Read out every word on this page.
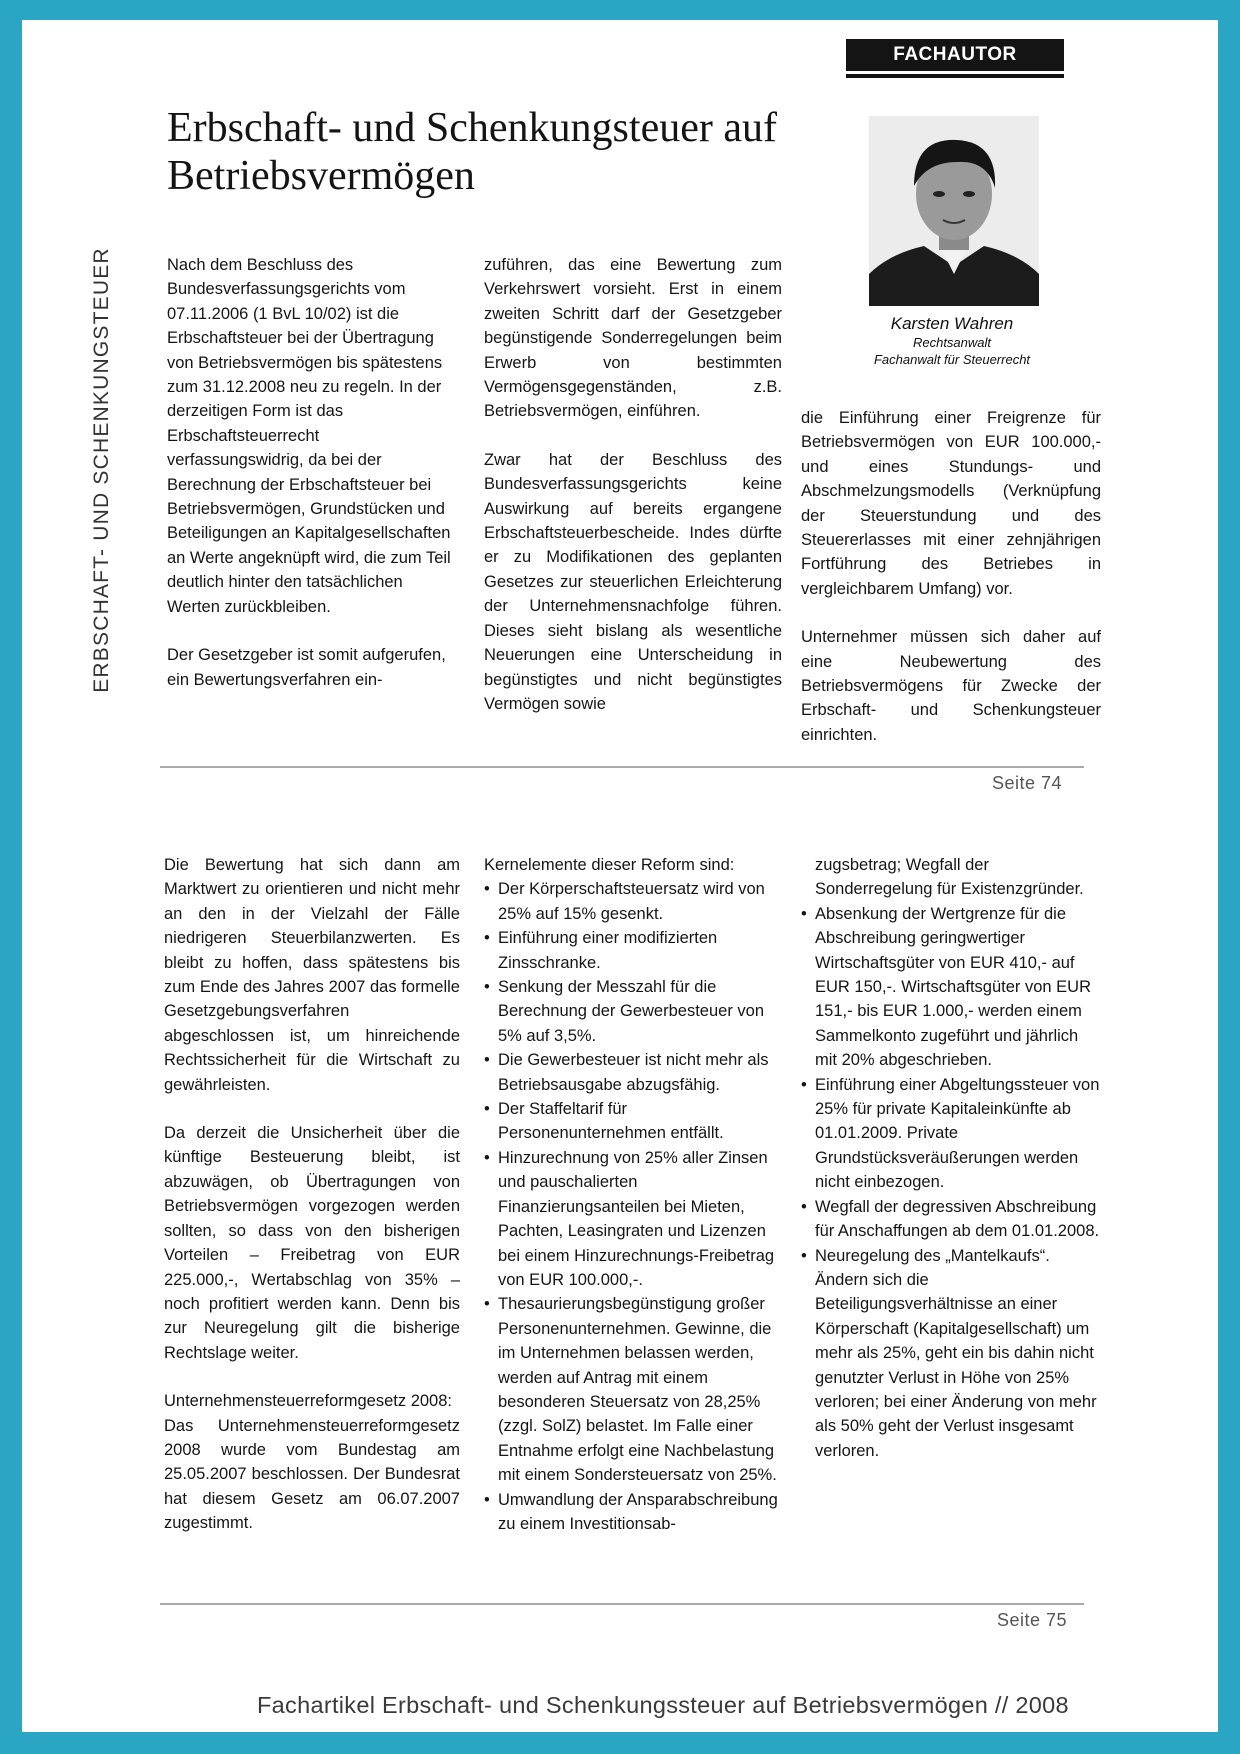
FACHAUTOR
Erbschaft- und Schenkungsteuer auf Betriebsvermögen
ERBSCHAFT- UND SCHENKUNGSTEUER	Karsten Wahren
Rechtsanwalt
Fachanwalt für Steuerrecht

Nach dem Beschluss des Bundesverfassungsgerichts vom 07.11.2006 (1 BvL 10/02) ist die Erbschaftsteuer bei der Übertragung von Betriebsvermögen bis spätestens zum 31.12.2008 neu zu regeln. In der derzeitigen Form ist das Erbschaftsteuerrecht verfassungswidrig, da bei der Berechnung der Erbschaftsteuer bei Betriebsvermögen, Grundstücken und Beteiligungen an Kapitalgesellschaften an Werte angeknüpft wird, die zum Teil deutlich hinter den tatsächlichen Werten zurückbleiben.

Der Gesetzgeber ist somit aufgerufen, ein Bewertungsverfahren ein-

zuführen, das eine Bewertung zum Verkehrswert vorsieht. Erst in einem zweiten Schritt darf der Gesetzgeber begünstigende Sonderregelungen beim Erwerb von bestimmten Vermögensgegenständen, z.B. Betriebsvermögen, einführen.

Zwar hat der Beschluss des Bundesverfassungsgerichts keine Auswirkung auf bereits ergangene Erbschaftsteuerbescheide. Indes dürfte er zu Modifikationen des geplanten Gesetzes zur steuerlichen Erleichterung der Unternehmensnachfolge führen. Dieses sieht bislang als wesentliche Neuerungen eine Unterscheidung in begünstigtes und nicht begünstigtes Vermögen sowie

die Einführung einer Freigrenze für Betriebsvermögen von EUR 100.000,- und eines Stundungs- und Abschmelzungsmodells (Verknüpfung der Steuerstundung und des Steuererlasses mit einer zehnjährigen Fortführung des Betriebes in vergleichbarem Umfang) vor.

Unternehmer müssen sich daher auf eine Neubewertung des Betriebsvermögens für Zwecke der Erbschaft- und Schenkungsteuer einrichten.

Seite 74

Die Bewertung hat sich dann am Marktwert zu orientieren und nicht mehr an den in der Vielzahl der Fälle niedrigeren Steuerbilanzwerten. Es bleibt zu hoffen, dass spätestens bis zum Ende des Jahres 2007 das formelle Gesetzgebungsverfahren abgeschlossen ist, um hinreichende Rechtssicherheit für die Wirtschaft zu gewährleisten.

Da derzeit die Unsicherheit über die künftige Besteuerung bleibt, ist abzuwägen, ob Übertragungen von Betriebsvermögen vorgezogen werden sollten, so dass von den bisherigen Vorteilen – Freibetrag von EUR 225.000,-, Wertabschlag von 35% – noch profitiert werden kann. Denn bis zur Neuregelung gilt die bisherige Rechtslage weiter.

Unternehmensteuerreformgesetz 2008:
Das Unternehmensteuerreformgesetz 2008 wurde vom Bundestag am 25.05.2007 beschlossen. Der Bundesrat hat diesem Gesetz am 06.07.2007 zugestimmt.
Kernelemente dieser Reform sind:
• Der Körperschaftsteuersatz wird von 25% auf 15% gesenkt.
• Einführung einer modifizierten Zinsschranke.
• Senkung der Messzahl für die Berechnung der Gewerbesteuer von 5% auf 3,5%.
• Die Gewerbesteuer ist nicht mehr als Betriebsausgabe abzugsfähig.
• Der Staffeltarif für Personenunternehmen entfällt.
• Hinzurechnung von 25% aller Zinsen und pauschalierten Finanzierungsanteilen bei Mieten, Pachten, Leasingraten und Lizenzen bei einem Hinzurechnungs-Freibetrag von EUR 100.000,-.
• Thesaurierungsbegünstigung großer Personenunternehmen. Gewinne, die im Unternehmen belassen werden, werden auf Antrag mit einem besonderen Steuersatz von 28,25% (zzgl. SolZ) belastet. Im Falle einer Entnahme erfolgt eine Nachbelastung mit einem Sondersteuersatz von 25%.
• Umwandlung der Ansparabschreibung zu einem Investitionsab-
zugsbetrag; Wegfall der Sonderregelung für Existenzgründer.
• Absenkung der Wertgrenze für die Abschreibung geringwertiger Wirtschaftsgüter von EUR 410,- auf EUR 150,-. Wirtschaftsgüter von EUR 151,- bis EUR 1.000,- werden einem Sammelkonto zugeführt und jährlich mit 20% abgeschrieben.
• Einführung einer Abgeltungssteuer von 25% für private Kapitaleinkünfte ab 01.01.2009. Private Grundstücksveräußerungen werden nicht einbezogen.
• Wegfall der degressiven Abschreibung für Anschaffungen ab dem 01.01.2008.
• Neuregelung des „Mantelkaufs“. Ändern sich die Beteiligungsverhältnisse an einer Körperschaft (Kapitalgesellschaft) um mehr als 25%, geht ein bis dahin nicht genutzter Verlust in Höhe von 25% verloren; bei einer Änderung von mehr als 50% geht der Verlust insgesamt verloren.
Seite 75
Fachartikel Erbschaft- und Schenkungssteuer auf Betriebsvermögen // 2008
